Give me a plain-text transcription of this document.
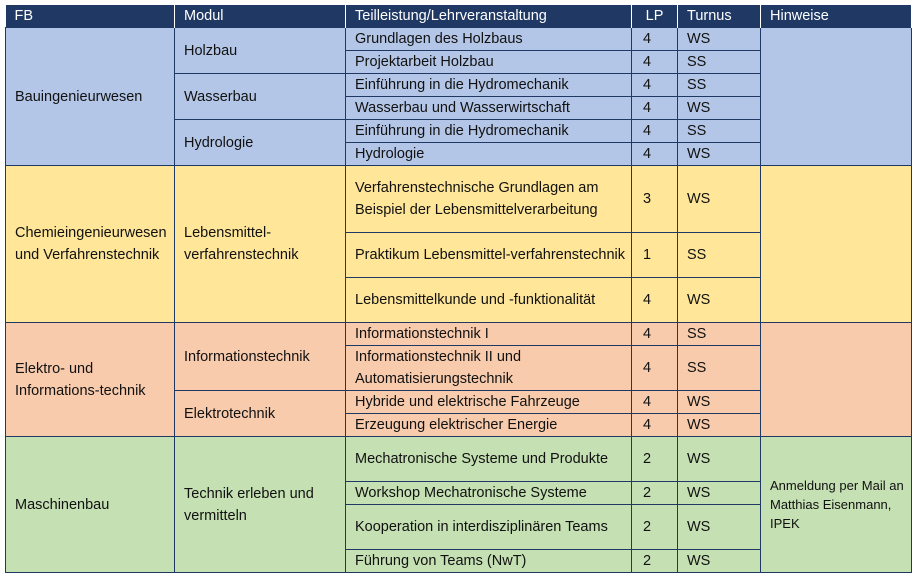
FB	Modul	Teilleistung/Lehrveranstaltung	LP	Turnus	Hinweise
Bauingenieurwesen	Holzbau	Grundlagen des Holzbaus	4	WS	
		Projektarbeit Holzbau	4	SS	
	Wasserbau	Einführung in die Hydromechanik	4	SS	
		Wasserbau und Wasserwirtschaft	4	WS	
	Hydrologie	Einführung in die Hydromechanik	4	SS	
		Hydrologie	4	WS	
Chemieingenieurwesen und Verfahrenstechnik	Lebensmittel-verfahrenstechnik	Verfahrenstechnische Grundlagen am Beispiel der Lebensmittelverarbeitung	3	WS	
		Praktikum Lebensmittel-verfahrenstechnik	1	SS	
		Lebensmittelkunde und -funktionalität	4	WS	
Elektro- und Informations-technik	Informationstechnik	Informationstechnik I	4	SS	
		Informationstechnik II und Automatisierungstechnik	4	SS	
	Elektrotechnik	Hybride und elektrische Fahrzeuge	4	WS	
		Erzeugung elektrischer Energie	4	WS	
Maschinenbau	Technik erleben und vermitteln	Mechatronische Systeme und Produkte	2	WS	Anmeldung per Mail an Matthias Eisenmann, IPEK
		Workshop Mechatronische Systeme	2	WS	
		Kooperation in interdisziplinären Teams	2	WS	
		Führung von Teams (NwT)	2	WS	
